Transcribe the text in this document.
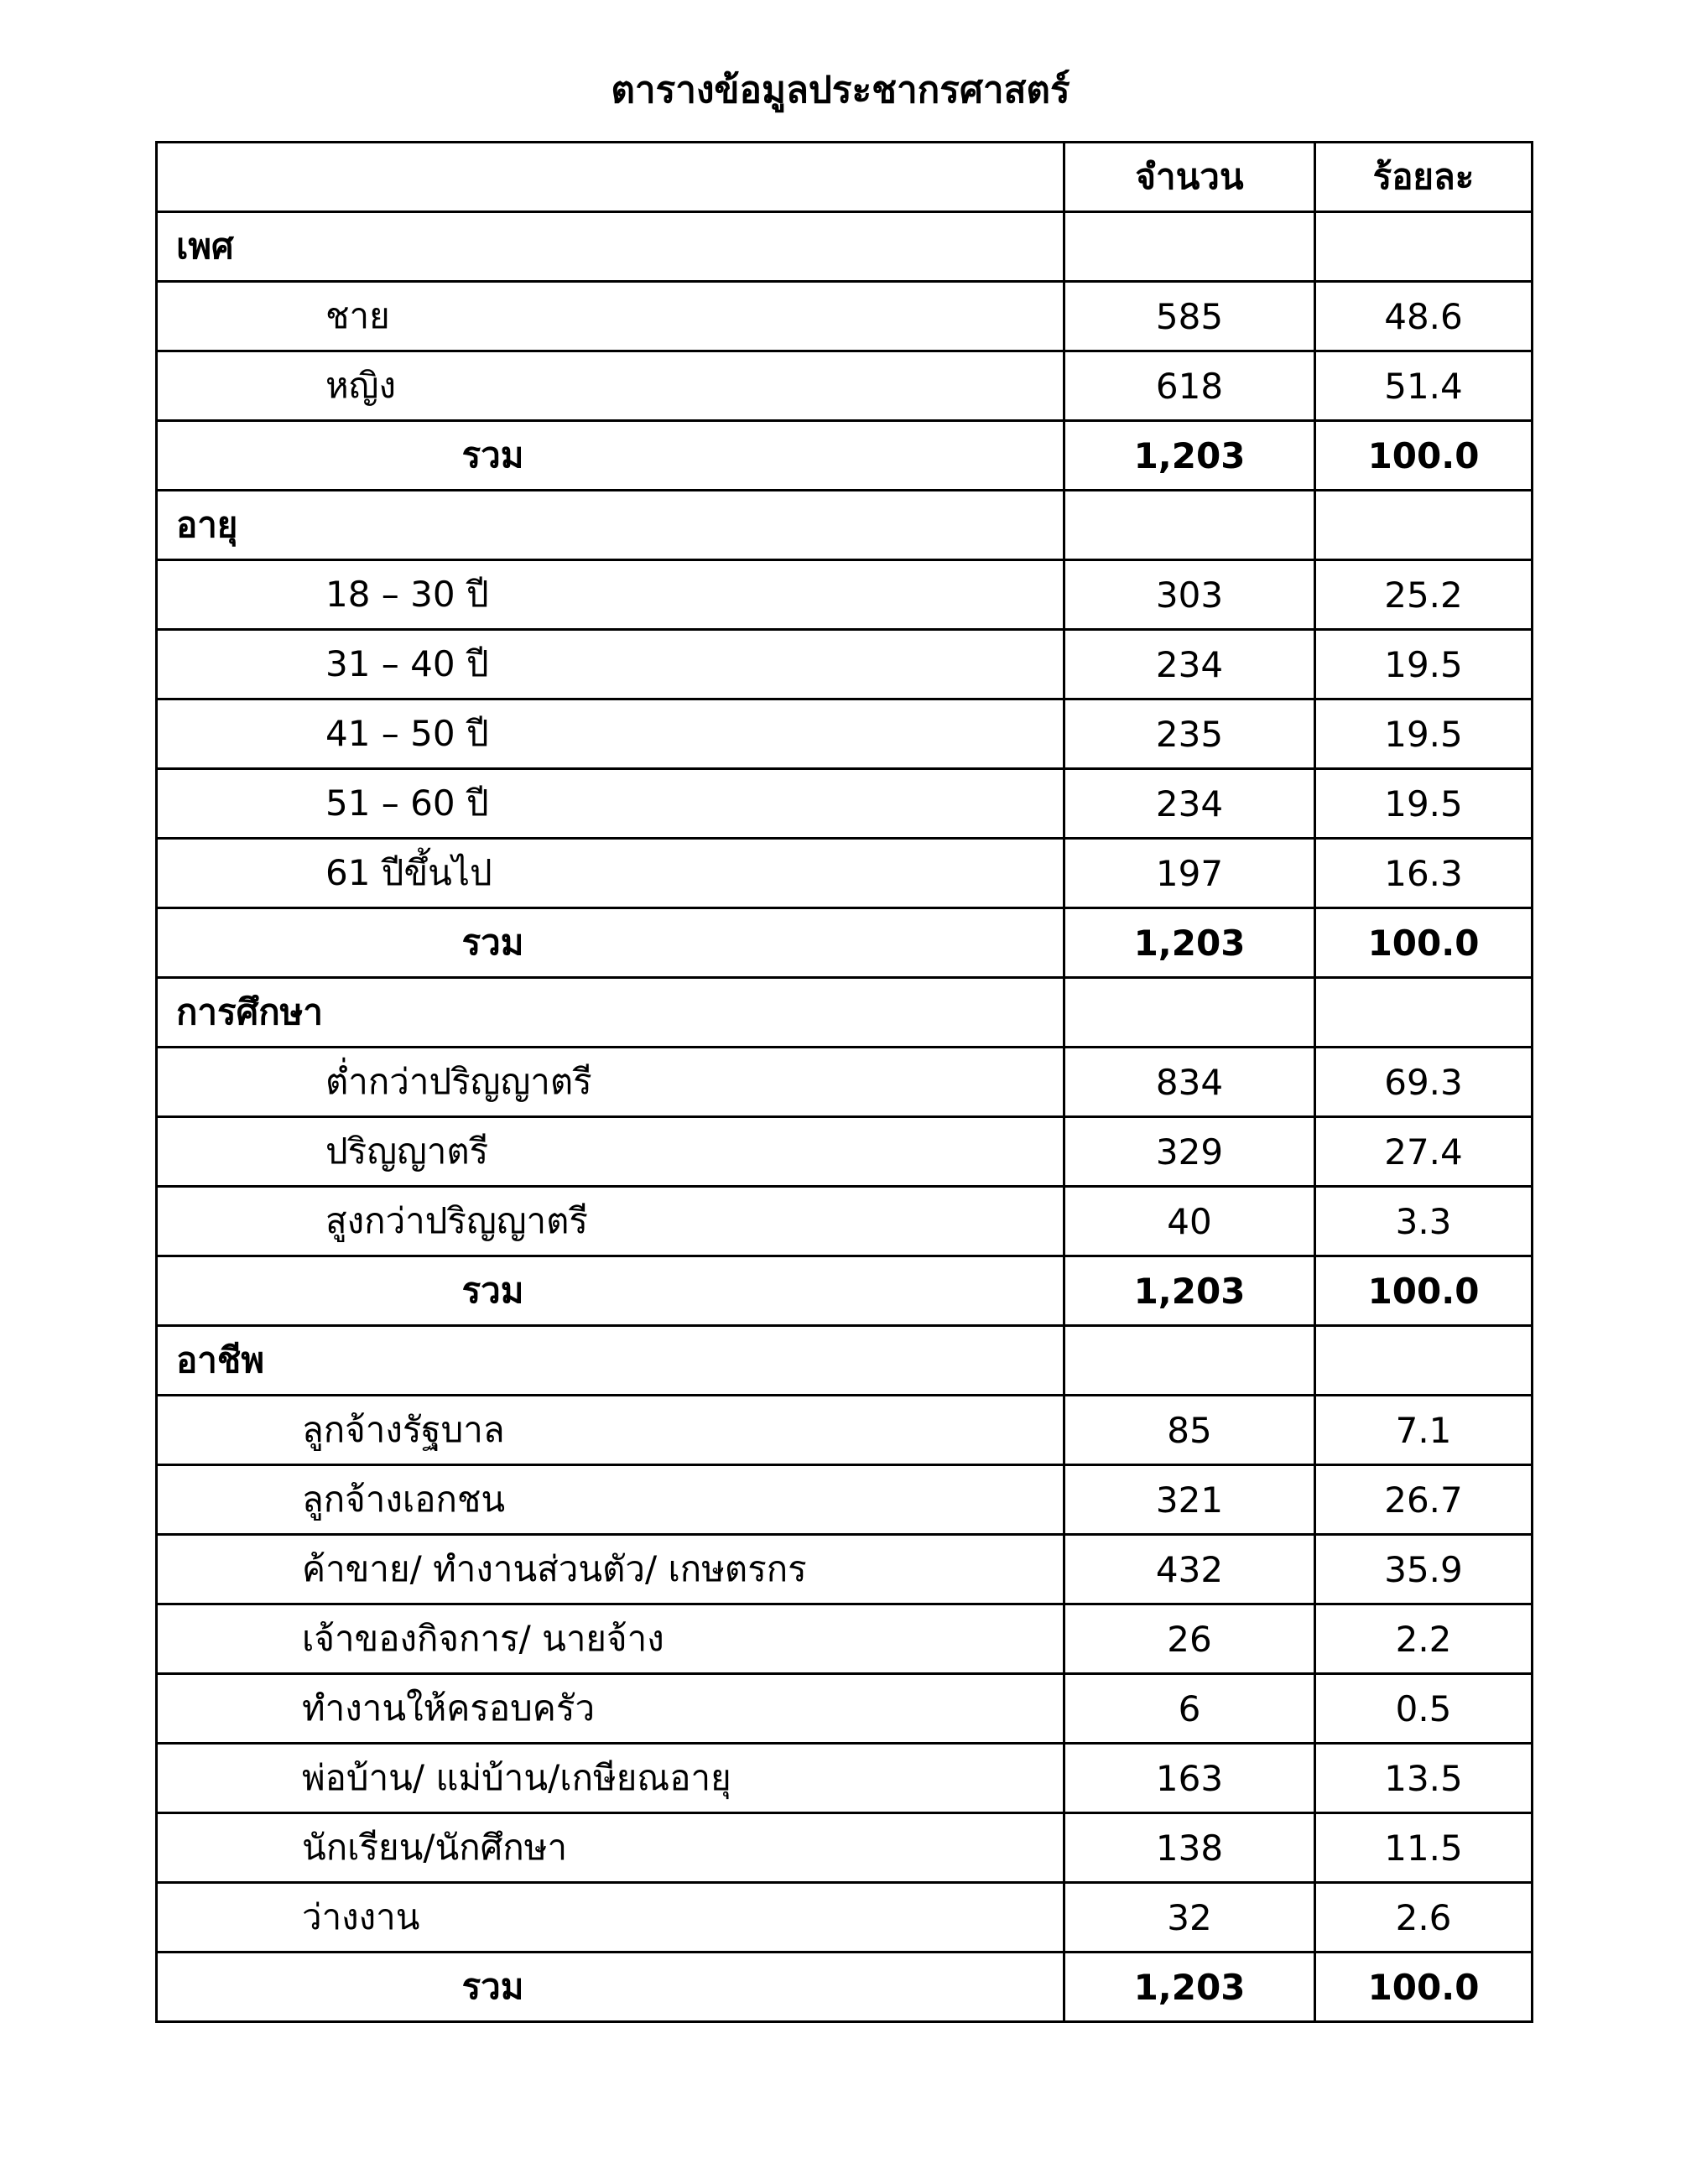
ตารางข้อมูลประชากรศาสตร์
	จำนวน	ร้อยละ
เพศ		
ชาย	585	48.6
หญิง	618	51.4
รวม	1,203	100.0
อายุ		
18 – 30 ปี	303	25.2
31 – 40 ปี	234	19.5
41 – 50 ปี	235	19.5
51 – 60 ปี	234	19.5
61 ปีขึ้นไป	197	16.3
รวม	1,203	100.0
การศึกษา		
ต่ำกว่าปริญญาตรี	834	69.3
ปริญญาตรี	329	27.4
สูงกว่าปริญญาตรี	40	3.3
รวม	1,203	100.0
อาชีพ		
ลูกจ้างรัฐบาล	85	7.1
ลูกจ้างเอกชน	321	26.7
ค้าขาย/ ทำงานส่วนตัว/ เกษตรกร	432	35.9
เจ้าของกิจการ/ นายจ้าง	26	2.2
ทำงานให้ครอบครัว	6	0.5
พ่อบ้าน/ แม่บ้าน/เกษียณอายุ	163	13.5
นักเรียน/นักศึกษา	138	11.5
ว่างงาน	32	2.6
รวม	1,203	100.0
